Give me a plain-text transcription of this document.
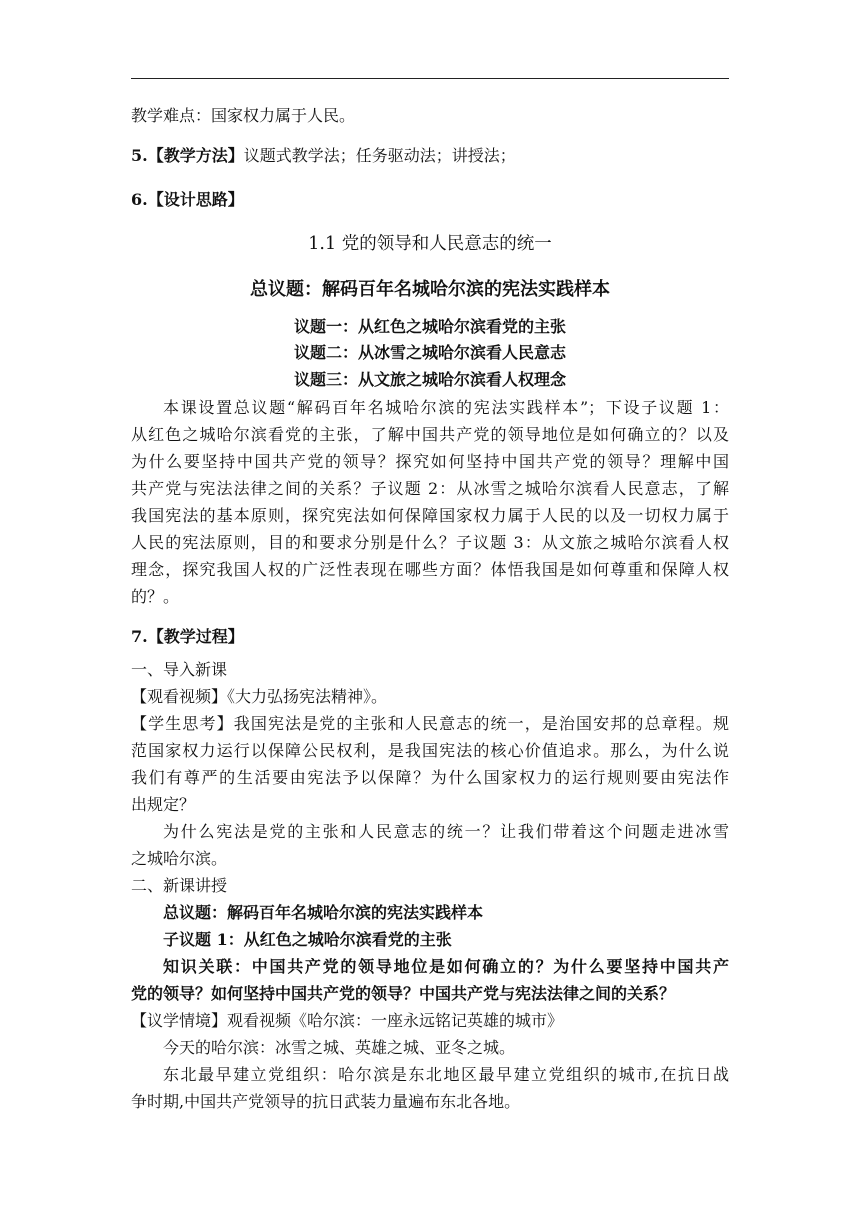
教学难点：国家权力属于人民。
5.【教学方法】议题式教学法；任务驱动法；讲授法；
6.【设计思路】
1.1 党的领导和人民意志的统一
总议题：解码百年名城哈尔滨的宪法实践样本
议题一：从红色之城哈尔滨看党的主张
议题二：从冰雪之城哈尔滨看人民意志
议题三：从文旅之城哈尔滨看人权理念
本课设置总议题“解码百年名城哈尔滨的宪法实践样本”；下设子议题 1：
从红色之城哈尔滨看党的主张，了解中国共产党的领导地位是如何确立的？以及
为什么要坚持中国共产党的领导？探究如何坚持中国共产党的领导？理解中国
共产党与宪法法律之间的关系？子议题 2：从冰雪之城哈尔滨看人民意志，了解
我国宪法的基本原则，探究宪法如何保障国家权力属于人民的以及一切权力属于
人民的宪法原则，目的和要求分别是什么？子议题 3：从文旅之城哈尔滨看人权
理念，探究我国人权的广泛性表现在哪些方面？体悟我国是如何尊重和保障人权
的？。
7.【教学过程】
一、导入新课
【观看视频】《大力弘扬宪法精神》。
【学生思考】我国宪法是党的主张和人民意志的统一，是治国安邦的总章程。规
范国家权力运行以保障公民权利，是我国宪法的核心价值追求。那么，为什么说
我们有尊严的生活要由宪法予以保障？为什么国家权力的运行规则要由宪法作
出规定？
为什么宪法是党的主张和人民意志的统一？让我们带着这个问题走进冰雪
之城哈尔滨。
二、新课讲授
总议题：解码百年名城哈尔滨的宪法实践样本
子议题 1：从红色之城哈尔滨看党的主张
知识关联：中国共产党的领导地位是如何确立的？为什么要坚持中国共产
党的领导？如何坚持中国共产党的领导？中国共产党与宪法法律之间的关系？
【议学情境】观看视频《哈尔滨：一座永远铭记英雄的城市》
今天的哈尔滨：冰雪之城、英雄之城、亚冬之城。
东北最早建立党组织：哈尔滨是东北地区最早建立党组织的城市,在抗日战
争时期,中国共产党领导的抗日武装力量遍布东北各地。
